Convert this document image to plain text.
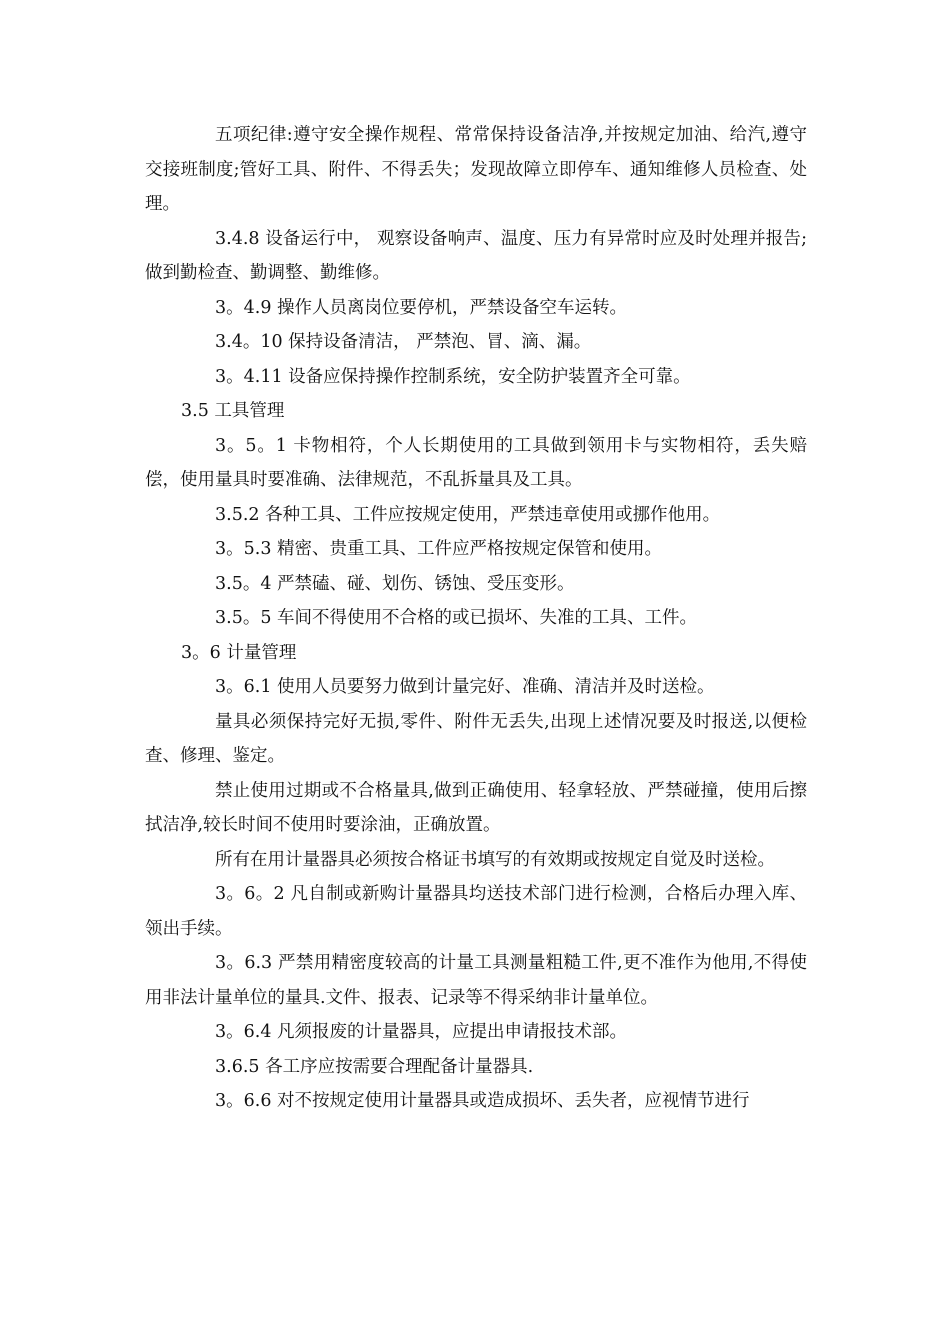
五项纪律:遵守安全操作规程、常常保持设备洁净,并按规定加油、给汽,遵守交接班制度;管好工具、附件、不得丢失；发现故障立即停车、通知维修人员检查、处理。

3.4.8 设备运行中， 观察设备响声、温度、压力有异常时应及时处理并报告;做到勤检查、勤调整、勤维修。

3。4.9 操作人员离岗位要停机，严禁设备空车运转。

3.4。10 保持设备清洁， 严禁泡、冒、滴、漏。

3。4.11 设备应保持操作控制系统，安全防护装置齐全可靠。

3.5 工具管理

3。5。1 卡物相符，个人长期使用的工具做到领用卡与实物相符，丢失赔偿，使用量具时要准确、法律规范，不乱拆量具及工具。

3.5.2 各种工具、工件应按规定使用，严禁违章使用或挪作他用。

3。5.3 精密、贵重工具、工件应严格按规定保管和使用。

3.5。4 严禁磕、碰、划伤、锈蚀、受压变形。

3.5。5 车间不得使用不合格的或已损坏、失准的工具、工件。

3。6 计量管理

3。6.1 使用人员要努力做到计量完好、准确、清洁并及时送检。

量具必须保持完好无损,零件、附件无丢失,出现上述情况要及时报送,以便检查、修理、鉴定。

禁止使用过期或不合格量具,做到正确使用、轻拿轻放、严禁碰撞，使用后擦拭洁净,较长时间不使用时要涂油，正确放置。

所有在用计量器具必须按合格证书填写的有效期或按规定自觉及时送检。

3。6。2 凡自制或新购计量器具均送技术部门进行检测，合格后办理入库、领出手续。

3。6.3 严禁用精密度较高的计量工具测量粗糙工件,更不准作为他用,不得使用非法计量单位的量具.文件、报表、记录等不得采纳非计量单位。

3。6.4 凡须报废的计量器具，应提出申请报技术部。

3.6.5 各工序应按需要合理配备计量器具.

3。6.6 对不按规定使用计量器具或造成损坏、丢失者，应视情节进行
